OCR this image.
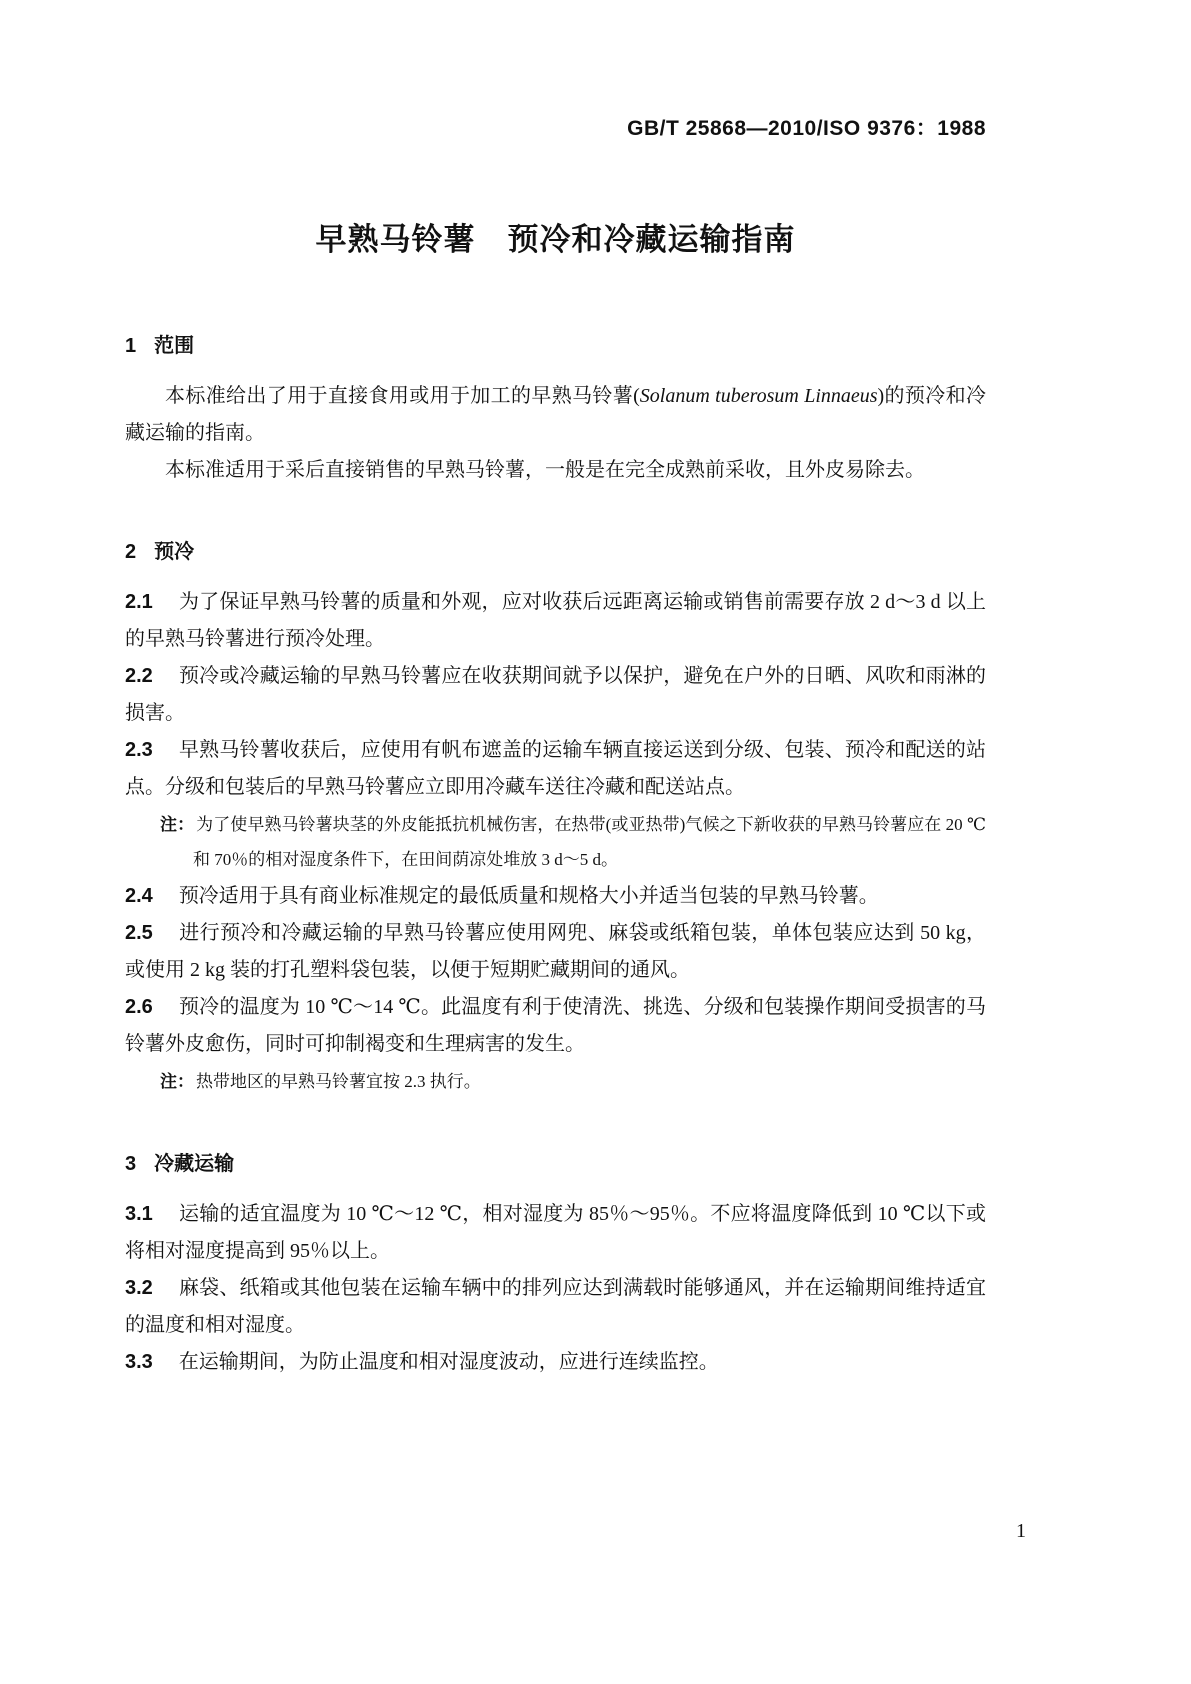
GB/T 25868—2010/ISO 9376：1988
早熟马铃薯　预冷和冷藏运输指南
1 范围

本标准给出了用于直接食用或用于加工的早熟马铃薯(Solanum tuberosum Linnaeus)的预冷和冷藏运输的指南。

本标准适用于采后直接销售的早熟马铃薯，一般是在完全成熟前采收，且外皮易除去。

2 预冷

2.1 为了保证早熟马铃薯的质量和外观，应对收获后远距离运输或销售前需要存放 2 d～3 d 以上的早熟马铃薯进行预冷处理。

2.2 预冷或冷藏运输的早熟马铃薯应在收获期间就予以保护，避免在户外的日晒、风吹和雨淋的损害。

2.3 早熟马铃薯收获后，应使用有帆布遮盖的运输车辆直接运送到分级、包装、预冷和配送的站点。分级和包装后的早熟马铃薯应立即用冷藏车送往冷藏和配送站点。

注： 为了使早熟马铃薯块茎的外皮能抵抗机械伤害，在热带(或亚热带)气候之下新收获的早熟马铃薯应在 20 ℃ 和 70％的相对湿度条件下，在田间荫凉处堆放 3 d～5 d。

2.4 预冷适用于具有商业标准规定的最低质量和规格大小并适当包装的早熟马铃薯。

2.5 进行预冷和冷藏运输的早熟马铃薯应使用网兜、麻袋或纸箱包装，单体包装应达到 50 kg，或使用 2 kg 装的打孔塑料袋包装，以便于短期贮藏期间的通风。

2.6 预冷的温度为 10 ℃～14 ℃。此温度有利于使清洗、挑选、分级和包装操作期间受损害的马铃薯外皮愈伤，同时可抑制褐变和生理病害的发生。

注： 热带地区的早熟马铃薯宜按 2.3 执行。

3 冷藏运输

3.1 运输的适宜温度为 10 ℃～12 ℃，相对湿度为 85％～95％。不应将温度降低到 10 ℃以下或将相对湿度提高到 95％以上。

3.2 麻袋、纸箱或其他包装在运输车辆中的排列应达到满载时能够通风，并在运输期间维持适宜的温度和相对湿度。

3.3 在运输期间，为防止温度和相对湿度波动，应进行连续监控。

1
